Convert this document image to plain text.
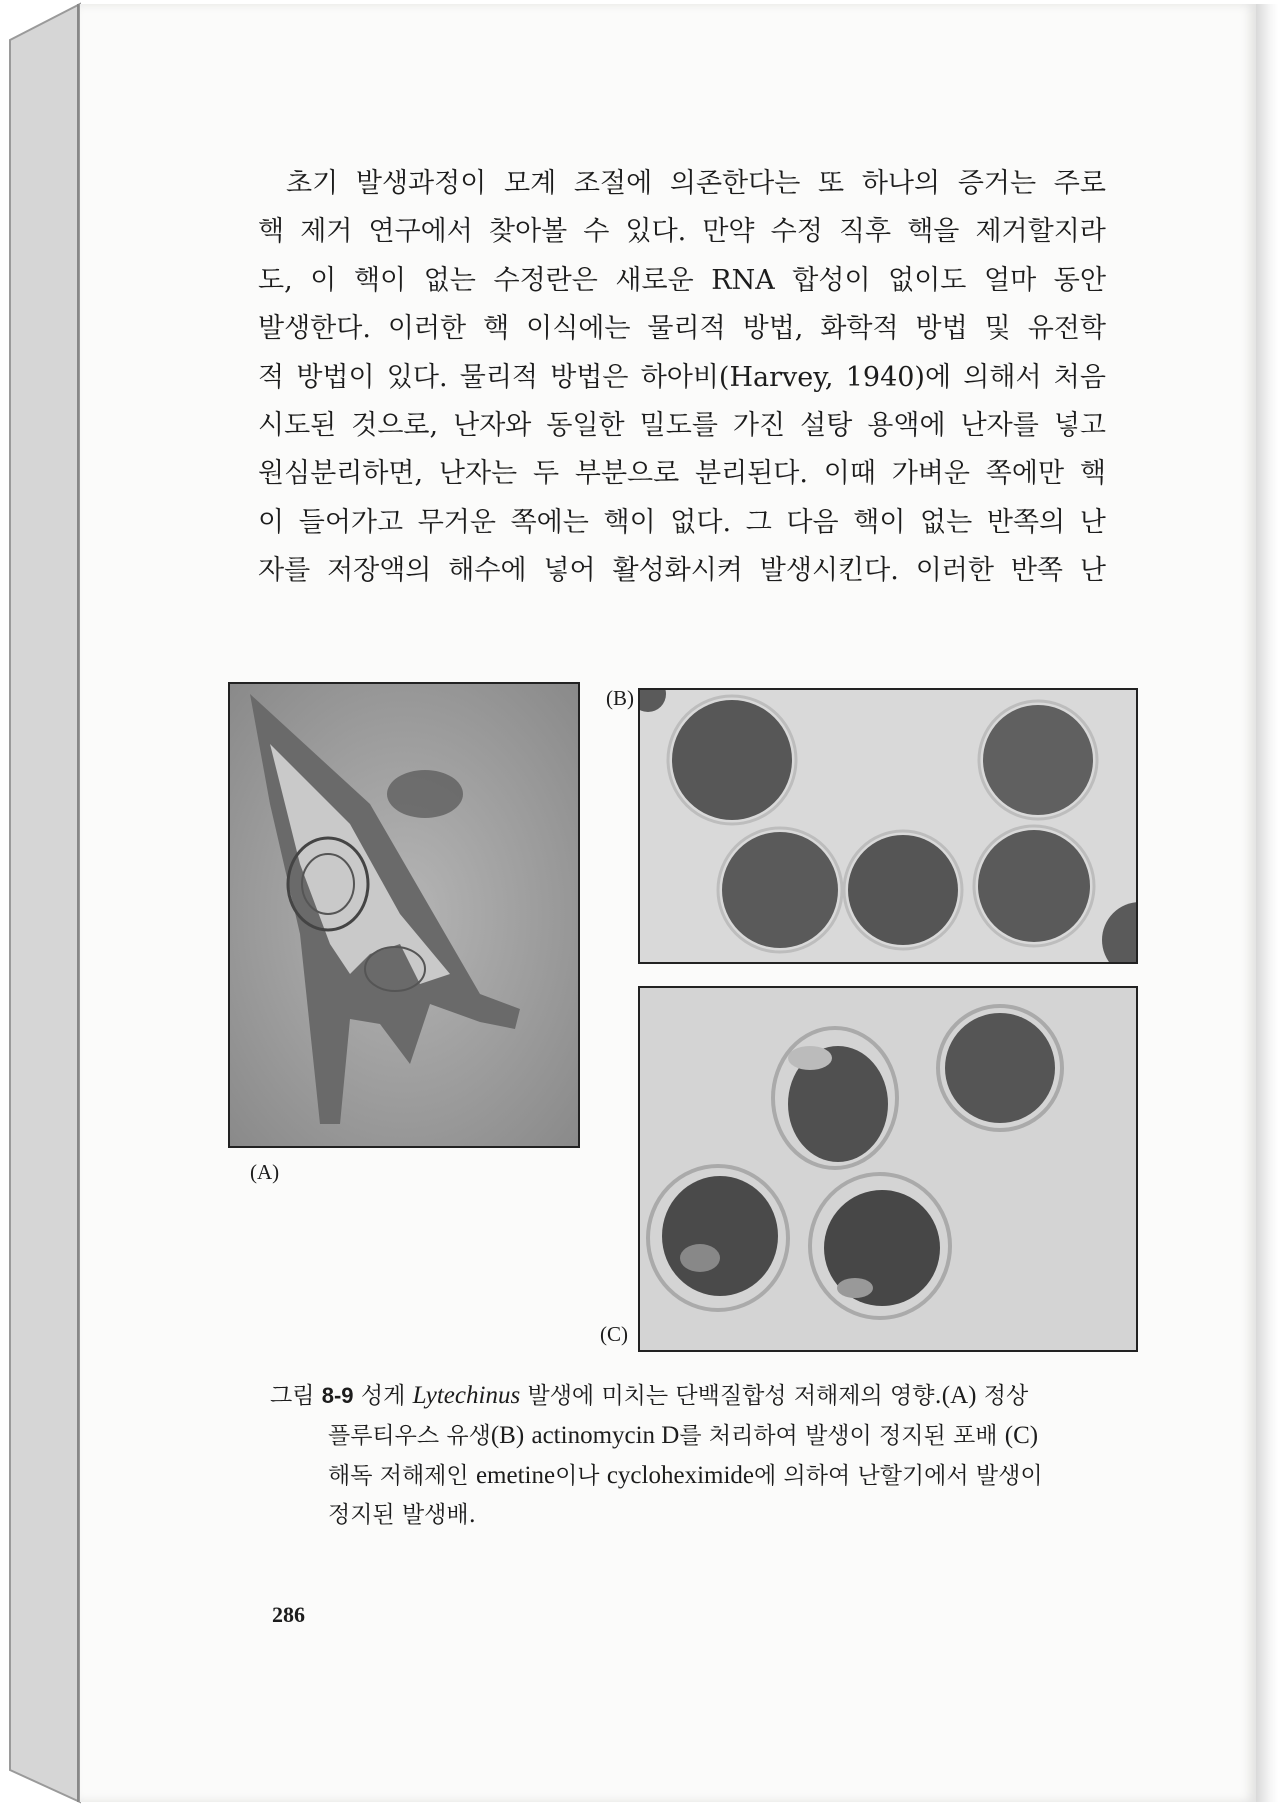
초기 발생과정이 모계 조절에 의존한다는 또 하나의 증거는 주로
핵 제거 연구에서 찾아볼 수 있다. 만약 수정 직후 핵을 제거할지라
도, 이 핵이 없는 수정란은 새로운 RNA 합성이 없이도 얼마 동안
발생한다. 이러한 핵 이식에는 물리적 방법, 화학적 방법 및 유전학
적 방법이 있다. 물리적 방법은 하아비(Harvey, 1940)에 의해서 처음
시도된 것으로, 난자와 동일한 밀도를 가진 설탕 용액에 난자를 넣고
원심분리하면, 난자는 두 부분으로 분리된다. 이때 가벼운 쪽에만 핵
이 들어가고 무거운 쪽에는 핵이 없다. 그 다음 핵이 없는 반쪽의 난
자를 저장액의 해수에 넣어 활성화시켜 발생시킨다. 이러한 반쪽 난
(A)
(B)
(C)
그림 8-9 성게 Lytechinus 발생에 미치는 단백질합성 저해제의 영향.(A) 정상
플루티우스 유생(B) actinomycin D를 처리하여 발생이 정지된 포배 (C)
해독 저해제인 emetine이나 cycloheximide에 의하여 난할기에서 발생이
정지된 발생배.
286
